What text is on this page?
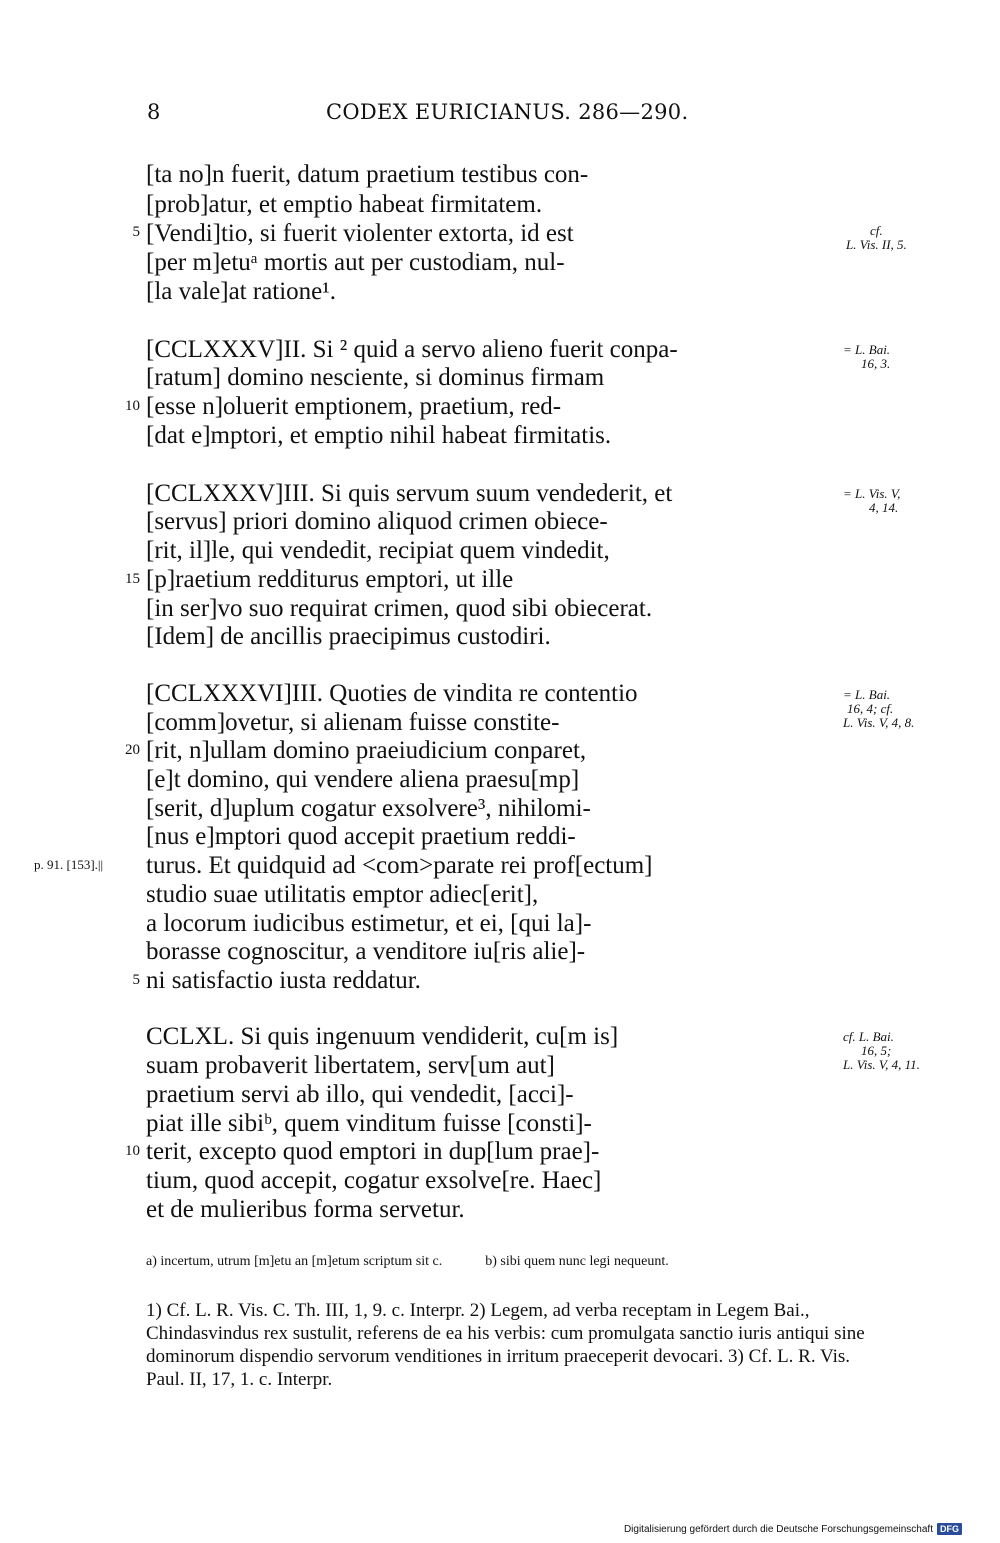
8	CODEX EURICIANUS. 286—290.
[ta no]n fuerit, datum praetium testibus con-
[prob]atur, et emptio habeat firmitatem.
5 [Vendi]tio, si fuerit violenter extorta, id est
[per m]etuᵃ mortis aut per custodiam, nul-
[la vale]at ratione¹.
[CCLXXXV]II. Si ² quid a servo alieno fuerit conpa-
[ratum] domino nesciente, si dominus firmam
10 [esse n]oluerit emptionem, praetium, red-
[dat e]mptori, et emptio nihil habeat firmitatis.
[CCLXXXV]III. Si quis servum suum vendederit, et
[servus] priori domino aliquod crimen obiece-
[rit, il]le, qui vendedit, recipiat quem vindedit,
15 [p]raetium redditurus emptori, ut ille
[in ser]vo suo requirat crimen, quod sibi obiecerat.
[Idem] de ancillis praecipimus custodiri.
[CCLXXXVI]III. Quoties de vindita re contentio
[comm]ovetur, si alienam fuisse constite-
20 [rit, n]ullam domino praeiudicium conparet,
[e]t domino, qui vendere aliena praesu[mp]
[serit, d]uplum cogatur exsolvere³, nihilomi-
[nus e]mptori quod accepit praetium reddi-
p. 91. [153].|| turus. Et quidquid ad <com>parate rei prof[ectum]
studio suae utilitatis emptor adiec[erit],
a locorum iudicibus estimetur, et ei, [qui la]-
borasse cognoscitur, a venditore iu[ris alie]-
5 ni satisfactio iusta reddatur.
CCLXL. Si quis ingenuum vendiderit, cu[m is]
suam probaverit libertatem, serv[um aut]
praetium servi ab illo, qui vendedit, [acci]-
piat ille sibiᵇ, quem vinditum fuisse [consti]-
10 terit, excepto quod emptori in dup[lum prae]-
tium, quod accepit, cogatur exsolve[re. Haec]
et de mulieribus forma servetur.
cf.
L. Vis. II, 5.
= L. Bai.
16, 3.
= L. Vis. V,
4, 14.
= L. Bai.
16, 4; cf.
L. Vis. V, 4, 8.
cf. L. Bai.
16, 5;
L. Vis. V, 4, 11.
a) incertum, utrum [m]etu an [m]etum scriptum sit c.	b) sibi quem nunc legi nequeunt.
1) Cf. L. R. Vis. C. Th. III, 1, 9. c. Interpr. 2) Legem, ad verba receptam in Legem Bai., Chindasvindus rex sustulit, referens de ea his verbis: cum promulgata sanctio iuris antiqui sine dominorum dispendio servorum venditiones in irritum praeceperit devocari. 3) Cf. L. R. Vis. Paul. II, 17, 1. c. Interpr.
Digitalisierung gefördert durch die Deutsche Forschungsgemeinschaft DFG
